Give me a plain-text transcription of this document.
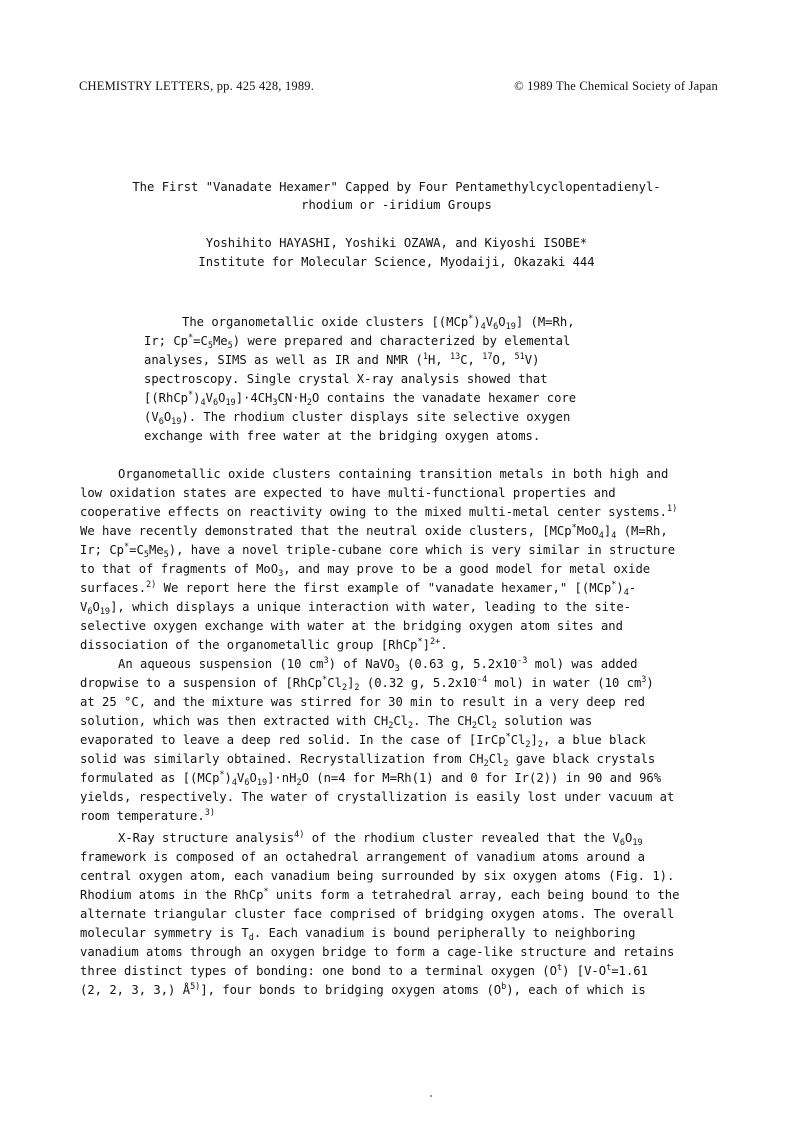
CHEMISTRY LETTERS, pp. 425 428, 1989.	© 1989 The Chemical Society of Japan
The First "Vanadate Hexamer" Capped by Four Pentamethylcyclopentadienyl-
rhodium or -iridium Groups
Yoshihito HAYASHI, Yoshiki OZAWA, and Kiyoshi ISOBE*
Institute for Molecular Science, Myodaiji, Okazaki 444
The organometallic oxide clusters $[(MCp^*)_4V_6O_{19}]$ (M=Rh,
Ir; $Cp^*=C_5Me_5$) were prepared and characterized by elemental
analyses, SIMS as well as IR and NMR ($^1$H, $^{13}$C, $^{17}$O, $^{51}$V)
spectroscopy. Single crystal X-ray analysis showed that
$[(RhCp^*)_4V_6O_{19}]\cdot 4CH_3CN\cdot H_2O$ contains the vanadate hexamer core
$(V_6O_{19})$. The rhodium cluster displays site selective oxygen
exchange with free water at the bridging oxygen atoms.
Organometallic oxide clusters containing transition metals in both high and
low oxidation states are expected to have multi-functional properties and
cooperative effects on reactivity owing to the mixed multi-metal center systems.$^{1)}$
We have recently demonstrated that the neutral oxide clusters, $[MCp^*MoO_4]_4$ (M=Rh,
Ir; $Cp^*=C_5Me_5$), have a novel triple-cubane core which is very similar in structure
to that of fragments of MoO$_3$, and may prove to be a good model for metal oxide
surfaces.$^{2)}$ We report here the first example of "vanadate hexamer," [$(MCp^*)_4-$
$V_6O_{19}$], which displays a unique interaction with water, leading to the site-
selective oxygen exchange with water at the bridging oxygen atom sites and
dissociation of the organometallic group [RhCp*]$^{2+}$.
An aqueous suspension (10 $cm^3$) of NaVO$_3$ (0.63 g, $5.2x10^{-3}$ mol) was added
dropwise to a suspension of $[RhCp^*Cl_2]_2$ (0.32 g, $5.2x10^{-4}$ mol) in water (10 $cm^3$)
at 25 °C, and the mixture was stirred for 30 min to result in a very deep red
solution, which was then extracted with $CH_2Cl_2$. The $CH_2Cl_2$ solution was
evaporated to leave a deep red solid. In the case of $[IrCp^*Cl_2]_2$, a blue black
solid was similarly obtained. Recrystallization from $CH_2Cl_2$ gave black crystals
formulated as $[(MCp^*)_4V_6O_{19}]\cdot nH_2O$ (n=4 for M=Rh(1) and 0 for Ir(2)) in 90 and 96%
yields, respectively. The water of crystallization is easily lost under vacuum at
room temperature.$^{3)}$
X-Ray structure analysis$^{4)}$ of the rhodium cluster revealed that the $V_6O_{19}$
framework is composed of an octahedral arrangement of vanadium atoms around a
central oxygen atom, each vanadium being surrounded by six oxygen atoms (Fig. 1).
Rhodium atoms in the RhCp* units form a tetrahedral array, each being bound to the
alternate triangular cluster face comprised of bridging oxygen atoms. The overall
molecular symmetry is $T_d$. Each vanadium is bound peripherally to neighboring
vanadium atoms through an oxygen bridge to form a cage-like structure and retains
three distinct types of bonding: one bond to a terminal oxygen $(O^t)$ [$V-O^t=1.61$
(2, 2, 3, 3,) $Å^{5)}$], four bonds to bridging oxygen atoms $(O^b)$, each of which is
